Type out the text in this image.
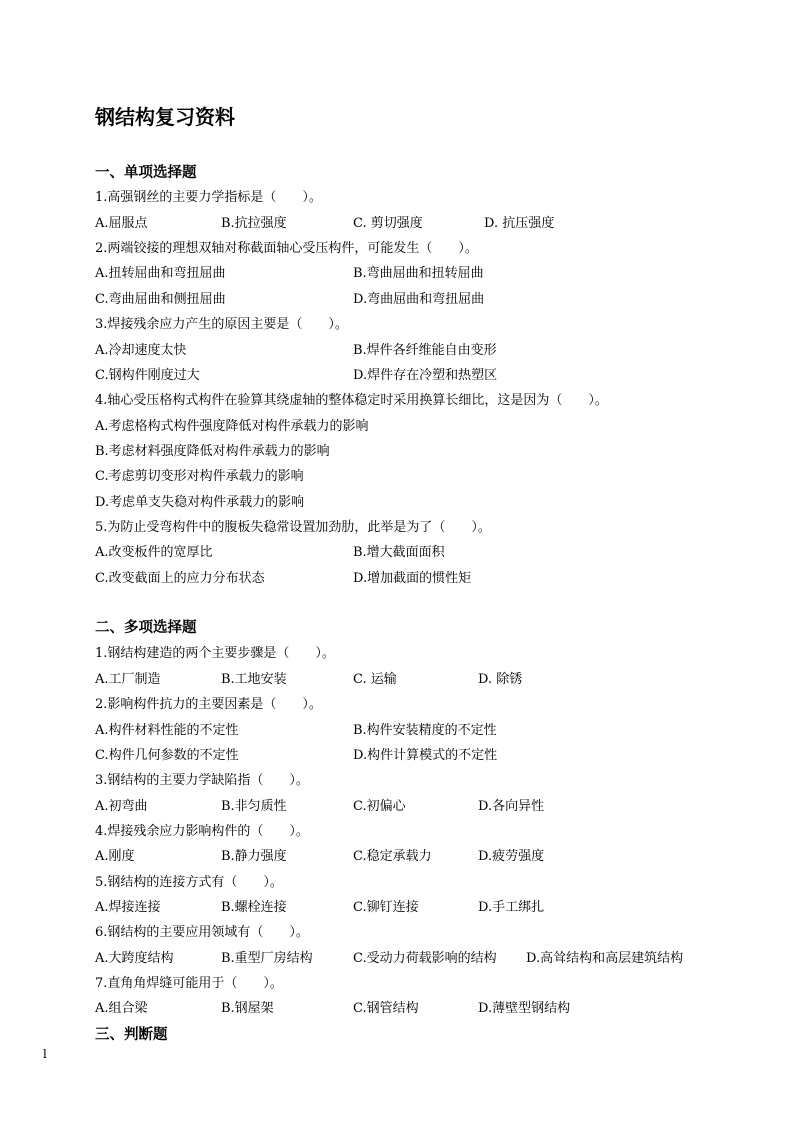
钢结构复习资料
一、单项选择题
1.高强钢丝的主要力学指标是（　　）。
A.屈服点	B.抗拉强度	C. 剪切强度	D. 抗压强度
2.两端铰接的理想双轴对称截面轴心受压构件，可能发生（　　）。
A.扭转屈曲和弯扭屈曲	B.弯曲屈曲和扭转屈曲
C.弯曲屈曲和侧扭屈曲	D.弯曲屈曲和弯扭屈曲
3.焊接残余应力产生的原因主要是（　　）。
A.冷却速度太快	B.焊件各纤维能自由变形
C.钢构件刚度过大	D.焊件存在冷塑和热塑区
4.轴心受压格构式构件在验算其绕虚轴的整体稳定时采用换算长细比，这是因为（　　）。
A.考虑格构式构件强度降低对构件承载力的影响
B.考虑材料强度降低对构件承载力的影响
C.考虑剪切变形对构件承载力的影响
D.考虑单支失稳对构件承载力的影响
5.为防止受弯构件中的腹板失稳常设置加劲肋，此举是为了（　　）。
A.改变板件的宽厚比	B.增大截面面积
C.改变截面上的应力分布状态	D.增加截面的惯性矩
二、多项选择题
1.钢结构建造的两个主要步骤是（　　）。
A.工厂制造	B.工地安装	C. 运输	D. 除锈
2.影响构件抗力的主要因素是（　　）。
A.构件材料性能的不定性	B.构件安装精度的不定性
C.构件几何参数的不定性	D.构件计算模式的不定性
3.钢结构的主要力学缺陷指（　　）。
A.初弯曲	B.非匀质性	C.初偏心	D.各向异性
4.焊接残余应力影响构件的（　　）。
A.刚度	B.静力强度	C.稳定承载力	D.疲劳强度
5.钢结构的连接方式有（　　）。
A.焊接连接	B.螺栓连接	C.铆钉连接	D.手工绑扎
6.钢结构的主要应用领域有（　　）。
A.大跨度结构	B.重型厂房结构	C.受动力荷载影响的结构 D.高耸结构和高层建筑结构
7.直角角焊缝可能用于（　　）。
A.组合梁	B.钢屋架	C.钢管结构	D.薄壁型钢结构
三、判断题
l
